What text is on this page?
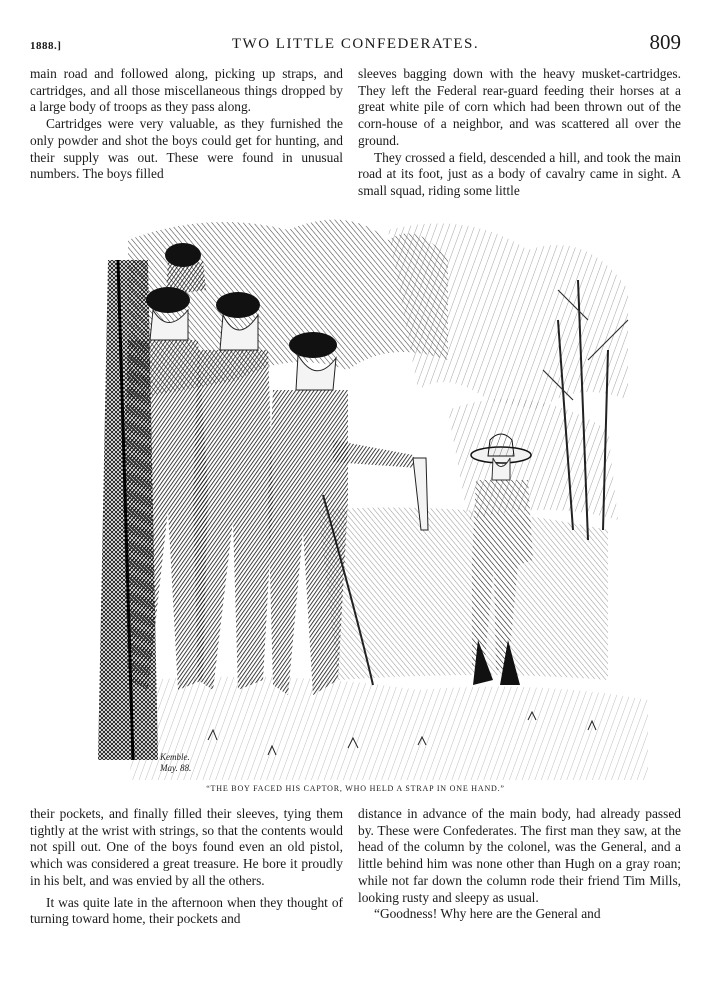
1888.]	TWO LITTLE CONFEDERATES.	809

main road and followed along, picking up straps, and cartridges, and all those miscellaneous things dropped by a large body of troops as they pass along.

Cartridges were very valuable, as they furnished the only powder and shot the boys could get for hunting, and their supply was out. These were found in unusual numbers. The boys filled

sleeves bagging down with the heavy musket-cartridges. They left the Federal rear-guard feeding their horses at a great white pile of corn which had been thrown out of the corn-house of a neighbor, and was scattered all over the ground.

They crossed a field, descended a hill, and took the main road at its foot, just as a body of cavalry came in sight. A small squad, riding some little

Kemble.
May. 88.
“THE BOY FACED HIS CAPTOR, WHO HELD A STRAP IN ONE HAND.”

their pockets, and finally filled their sleeves, tying them tightly at the wrist with strings, so that the contents would not spill out. One of the boys found even an old pistol, which was considered a great treasure. He bore it proudly in his belt, and was envied by all the others.

It was quite late in the afternoon when they thought of turning toward home, their pockets and

distance in advance of the main body, had already passed by. These were Confederates. The first man they saw, at the head of the column by the colonel, was the General, and a little behind him was none other than Hugh on a gray roan; while not far down the column rode their friend Tim Mills, looking rusty and sleepy as usual.

“Goodness! Why here are the General and
